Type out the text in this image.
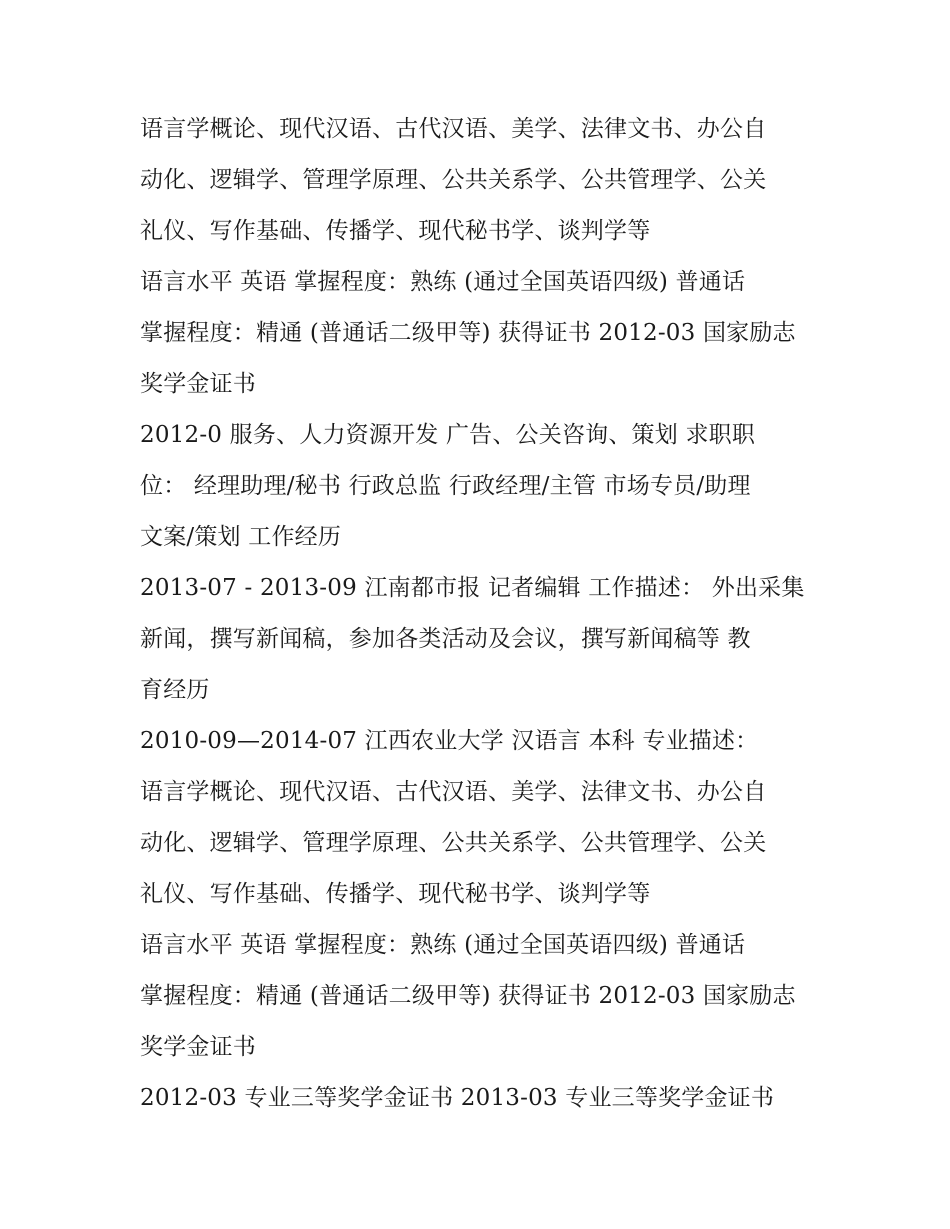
语言学概论、现代汉语、古代汉语、美学、法律文书、办公自
动化、逻辑学、管理学原理、公共关系学、公共管理学、公关
礼仪、写作基础、传播学、现代秘书学、谈判学等
语言水平 英语 掌握程度：熟练 (通过全国英语四级) 普通话
掌握程度：精通 (普通话二级甲等) 获得证书 2012-03 国家励志
奖学金证书
2012-0 服务、人力资源开发 广告、公关咨询、策划 求职职
位： 经理助理/秘书 行政总监 行政经理/主管 市场专员/助理
文案/策划 工作经历
2013-07 - 2013-09 江南都市报 记者编辑 工作描述： 外出采集
新闻，撰写新闻稿，参加各类活动及会议，撰写新闻稿等 教
育经历
2010-09—2014-07 江西农业大学 汉语言 本科 专业描述：
语言学概论、现代汉语、古代汉语、美学、法律文书、办公自
动化、逻辑学、管理学原理、公共关系学、公共管理学、公关
礼仪、写作基础、传播学、现代秘书学、谈判学等
语言水平 英语 掌握程度：熟练 (通过全国英语四级) 普通话
掌握程度：精通 (普通话二级甲等) 获得证书 2012-03 国家励志
奖学金证书
2012-03 专业三等奖学金证书 2013-03 专业三等奖学金证书
